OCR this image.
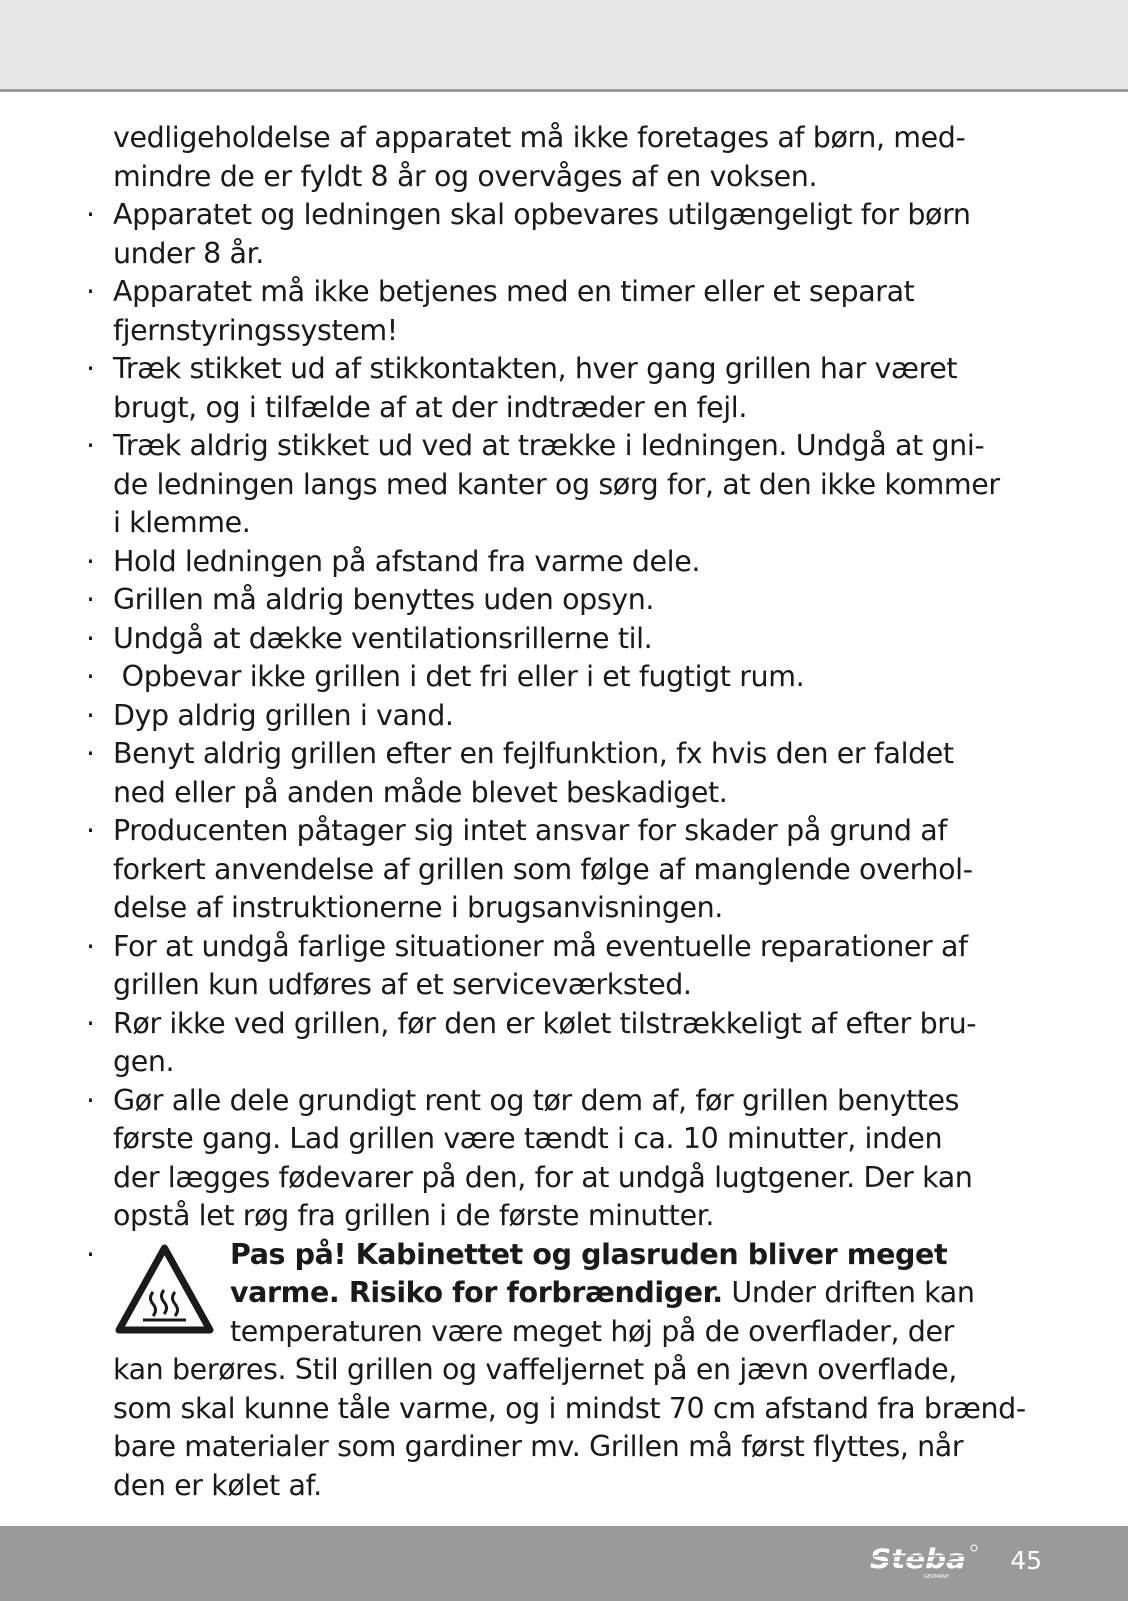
vedligeholdelse af apparatet må ikke foretages af børn, med-
mindre de er fyldt 8 år og overvåges af en voksen.
· Apparatet og ledningen skal opbevares utilgængeligt for børn
under 8 år.
· Apparatet må ikke betjenes med en timer eller et separat
fjernstyringssystem!
· Træk stikket ud af stikkontakten, hver gang grillen har været
brugt, og i tilfælde af at der indtræder en fejl.
· Træk aldrig stikket ud ved at trække i ledningen. Undgå at gni-
de ledningen langs med kanter og sørg for, at den ikke kommer
i klemme.
· Hold ledningen på afstand fra varme dele.
· Grillen må aldrig benyttes uden opsyn.
· Undgå at dække ventilationsrillerne til.
· Opbevar ikke grillen i det fri eller i et fugtigt rum.
· Dyp aldrig grillen i vand.
· Benyt aldrig grillen efter en fejlfunktion, fx hvis den er faldet
ned eller på anden måde blevet beskadiget.
· Producenten påtager sig intet ansvar for skader på grund af
forkert anvendelse af grillen som følge af manglende overhol-
delse af instruktionerne i brugsanvisningen.
· For at undgå farlige situationer må eventuelle reparationer af
grillen kun udføres af et serviceværksted.
· Rør ikke ved grillen, før den er kølet tilstrækkeligt af efter bru-
gen.
· Gør alle dele grundigt rent og tør dem af, før grillen benyttes
første gang. Lad grillen være tændt i ca. 10 minutter, inden
der lægges fødevarer på den, for at undgå lugtgener. Der kan
opstå let røg fra grillen i de første minutter.
·	Pas på! Kabinettet og glasruden bliver meget
varme. Risiko for forbrændiger. Under driften kan
temperaturen være meget høj på de overflader, der
kan berøres. Stil grillen og vaffeljernet på en jævn overflade,
som skal kunne tåle varme, og i mindst 70 cm afstand fra brænd-
bare materialer som gardiner mv. Grillen må først flyttes, når
den er kølet af.
Steba
GERMANY
45
